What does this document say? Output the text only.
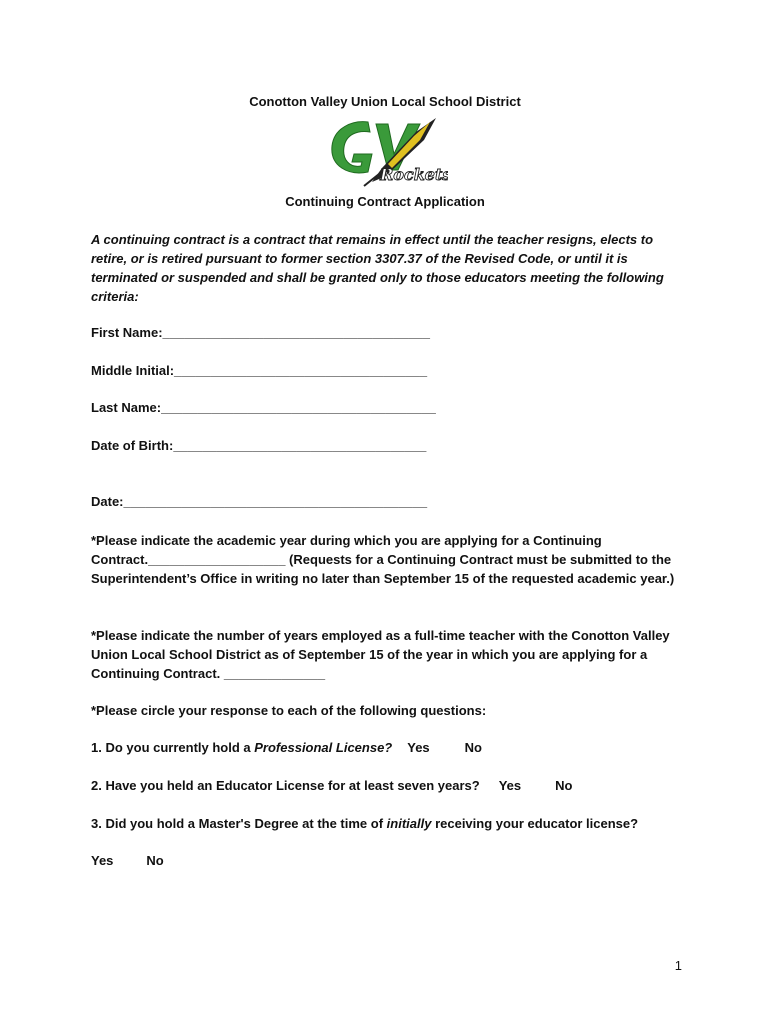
Conotton Valley Union Local School District
Rockets
Continuing Contract Application

A continuing contract is a contract that remains in effect until the teacher resigns, elects to retire, or is retired pursuant to former section 3307.37 of the Revised Code, or until it is terminated or suspended and shall be granted only to those educators meeting the following criteria:

First Name:_____________________________________
Middle Initial:___________________________________
Last Name:______________________________________
Date of Birth:___________________________________
Date:__________________________________________

*Please indicate the academic year during which you are applying for a Continuing Contract.___________________ (Requests for a Continuing Contract must be submitted to the Superintendent’s Office in writing no later than September 15 of the requested academic year.)

*Please indicate the number of years employed as a full-time teacher with the Conotton Valley Union Local School District as of September 15 of the year in which you are applying for a Continuing Contract. ______________

*Please circle your response to each of the following questions:

1. Do you currently hold a Professional License? Yes	No

2. Have you held an Educator License for at least seven years? Yes	No

3. Did you hold a Master's Degree at the time of initially receiving your educator license?

Yes	No

1
